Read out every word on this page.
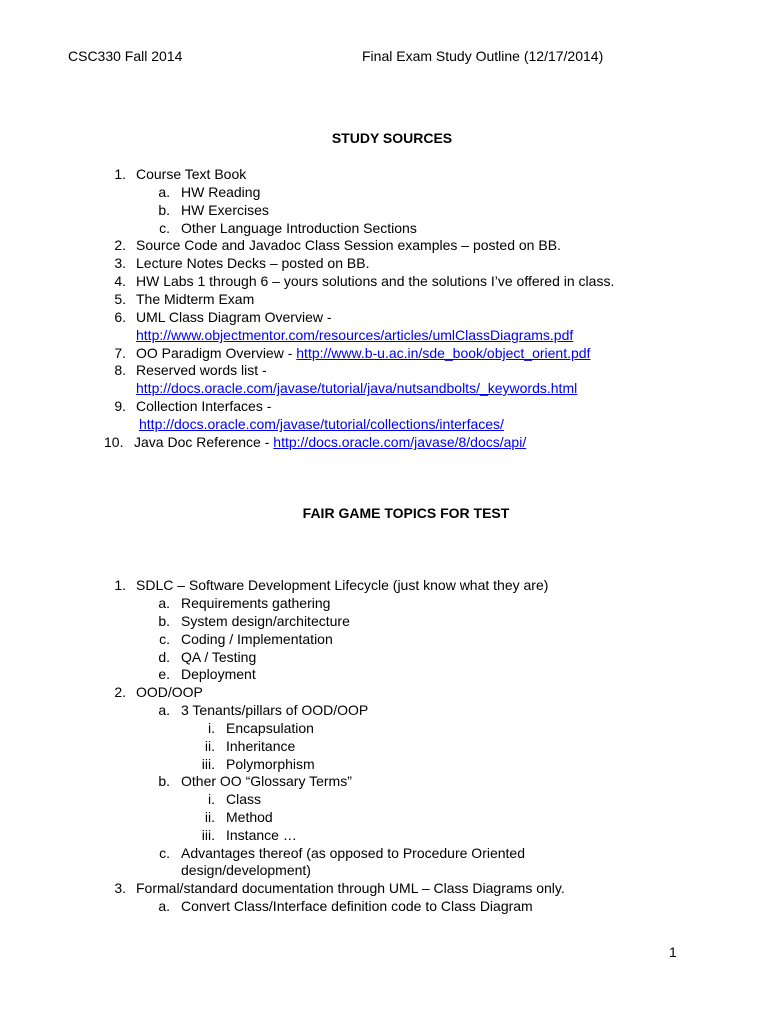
CSC330 Fall 2014	Final Exam Study Outline (12/17/2014)
STUDY SOURCES
1. Course Text Book
a. HW Reading
b. HW Exercises
c. Other Language Introduction Sections
2. Source Code and Javadoc Class Session examples – posted on BB.
3. Lecture Notes Decks – posted on BB.
4. HW Labs 1 through 6 – yours solutions and the solutions I’ve offered in class.
5. The Midterm Exam
6. UML Class Diagram Overview -
http://www.objectmentor.com/resources/articles/umlClassDiagrams.pdf
7. OO Paradigm Overview - http://www.b-u.ac.in/sde_book/object_orient.pdf
8. Reserved words list -
http://docs.oracle.com/javase/tutorial/java/nutsandbolts/_keywords.html
9. Collection Interfaces -
http://docs.oracle.com/javase/tutorial/collections/interfaces/
10. Java Doc Reference - http://docs.oracle.com/javase/8/docs/api/
FAIR GAME TOPICS FOR TEST
1. SDLC – Software Development Lifecycle (just know what they are)
a. Requirements gathering
b. System design/architecture
c. Coding / Implementation
d. QA / Testing
e. Deployment
2. OOD/OOP
a. 3 Tenants/pillars of OOD/OOP
i. Encapsulation
ii. Inheritance
iii. Polymorphism
b. Other OO “Glossary Terms”
i. Class
ii. Method
iii. Instance …
c. Advantages thereof (as opposed to Procedure Oriented
design/development)
3. Formal/standard documentation through UML – Class Diagrams only.
a. Convert Class/Interface definition code to Class Diagram
1
